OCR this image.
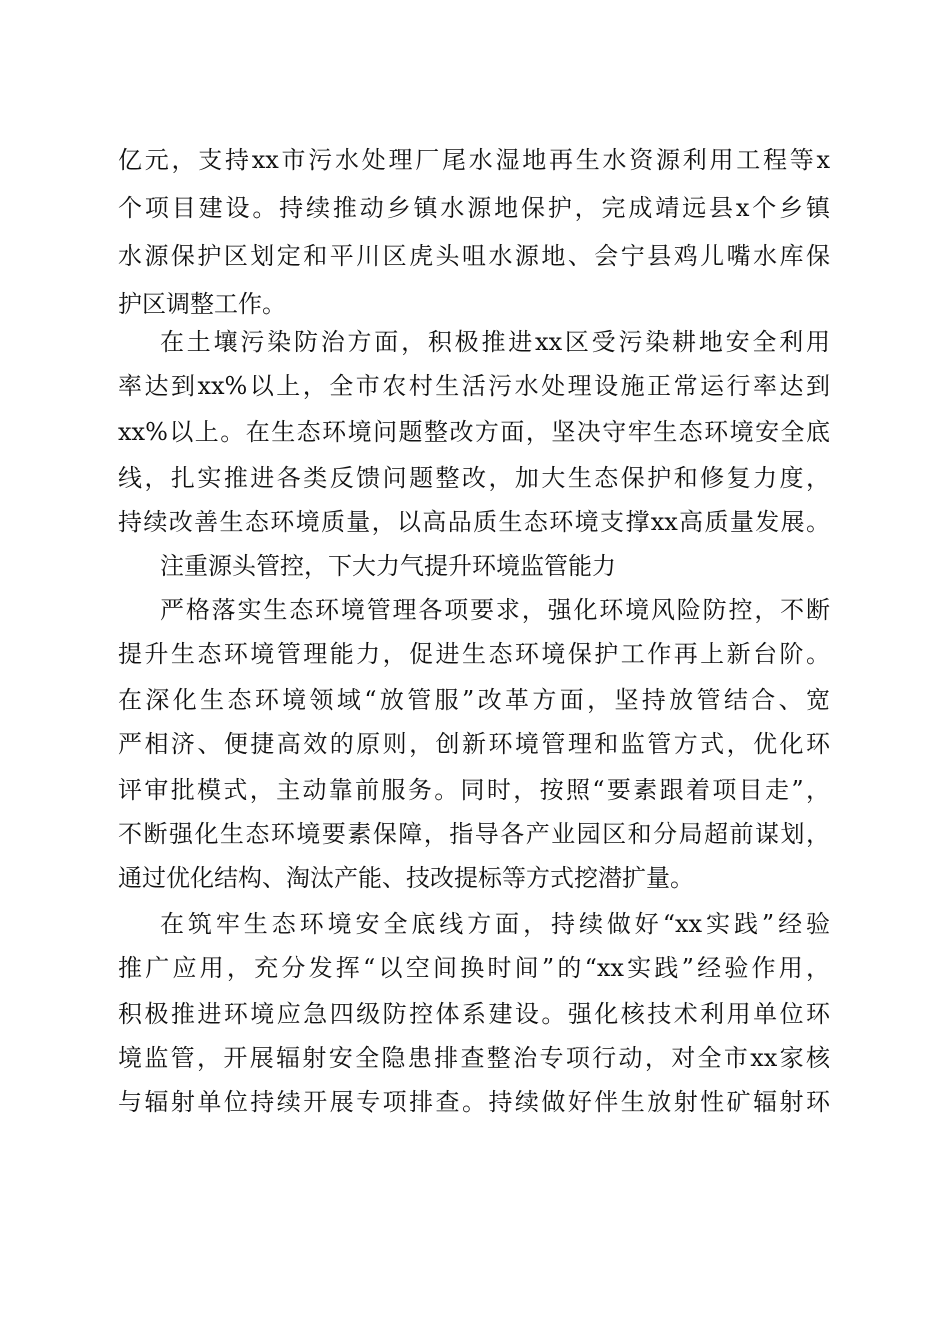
亿元，支持xx市污水处理厂尾水湿地再生水资源利用工程等x
个项目建设。持续推动乡镇水源地保护，完成靖远县x个乡镇
水源保护区划定和平川区虎头咀水源地、会宁县鸡儿嘴水库保
护区调整工作。
在土壤污染防治方面，积极推进xx区受污染耕地安全利用
率达到xx%以上，全市农村生活污水处理设施正常运行率达到
xx%以上。在生态环境问题整改方面，坚决守牢生态环境安全底
线，扎实推进各类反馈问题整改，加大生态保护和修复力度，
持续改善生态环境质量，以高品质生态环境支撑xx高质量发展。
注重源头管控，下大力气提升环境监管能力
严格落实生态环境管理各项要求，强化环境风险防控，不断
提升生态环境管理能力，促进生态环境保护工作再上新台阶。
在深化生态环境领域“放管服”改革方面，坚持放管结合、宽
严相济、便捷高效的原则，创新环境管理和监管方式，优化环
评审批模式，主动靠前服务。同时，按照“要素跟着项目走”，
不断强化生态环境要素保障，指导各产业园区和分局超前谋划，
通过优化结构、淘汰产能、技改提标等方式挖潜扩量。
在筑牢生态环境安全底线方面，持续做好“xx实践”经验
推广应用，充分发挥“以空间换时间”的“xx实践”经验作用，
积极推进环境应急四级防控体系建设。强化核技术利用单位环
境监管，开展辐射安全隐患排查整治专项行动，对全市xx家核
与辐射单位持续开展专项排查。持续做好伴生放射性矿辐射环
